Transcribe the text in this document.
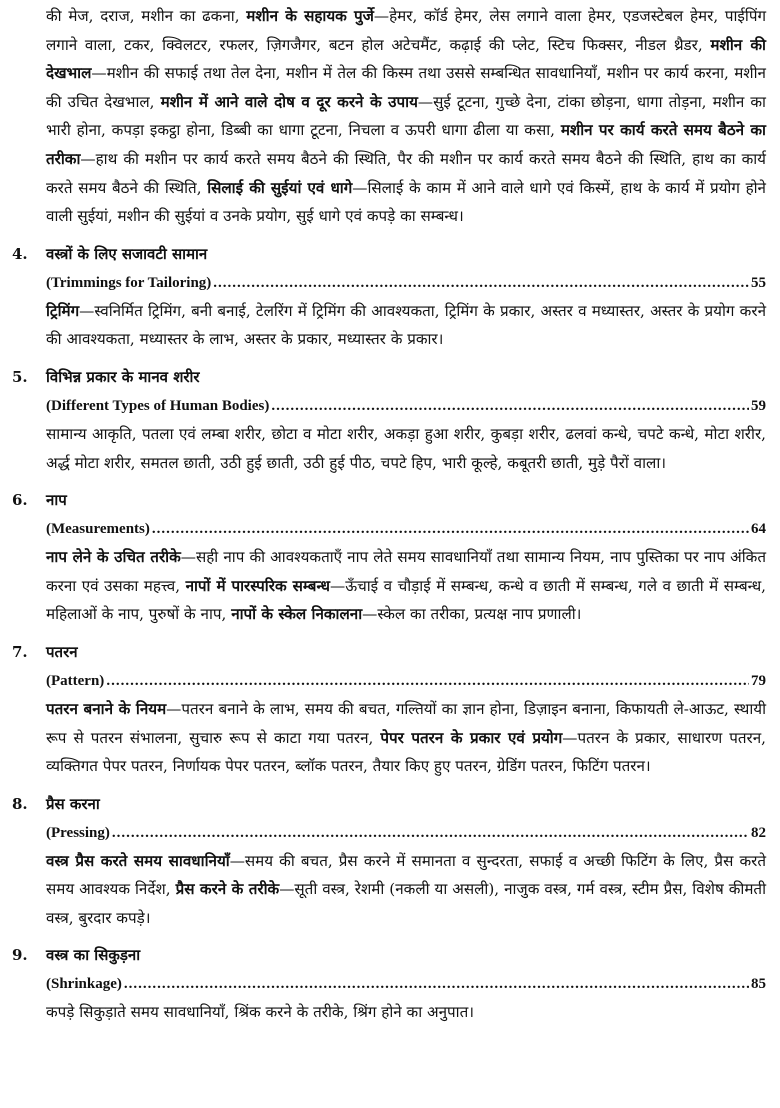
की मेज, दराज, मशीन का ढकना, मशीन के सहायक पुर्जे—हेमर, कॉर्ड हेमर, लेस लगाने वाला हेमर, एडजस्टेबल हेमर, पाईपिंग लगाने वाला, टकर, क्विलटर, रफलर, ज़िगजैगर, बटन होल अटेचमैंट, कढ़ाई की प्लेट, स्टिच फिक्सर, नीडल थ्रैडर, मशीन की देखभाल—मशीन की सफाई तथा तेल देना, मशीन में तेल की किस्म तथा उससे सम्बन्धित सावधानियाँ, मशीन पर कार्य करना, मशीन की उचित देखभाल, मशीन में आने वाले दोष व दूर करने के उपाय—सुई टूटना, गुच्छे देना, टांका छोड़ना, धागा तोड़ना, मशीन का भारी होना, कपड़ा इकट्ठा होना, डिब्बी का धागा टूटना, निचला व ऊपरी धागा ढीला या कसा, मशीन पर कार्य करते समय बैठने का तरीका—हाथ की मशीन पर कार्य करते समय बैठने की स्थिति, पैर की मशीन पर कार्य करते समय बैठने की स्थिति, हाथ का कार्य करते समय बैठने की स्थिति, सिलाई की सुईयां एवं धागे—सिलाई के काम में आने वाले धागे एवं किस्में, हाथ के कार्य में प्रयोग होने वाली सुईयां, मशीन की सुईयां व उनके प्रयोग, सुई धागे एवं कपड़े का सम्बन्ध।

4.	वस्त्रों के लिए सजावटी सामान
(Trimmings for Tailoring) .....	55

ट्रिमिंग—स्वनिर्मित ट्रिमिंग, बनी बनाई, टेलरिंग में ट्रिमिंग की आवश्यकता, ट्रिमिंग के प्रकार, अस्तर व मध्यास्तर, अस्तर के प्रयोग करने की आवश्यकता, मध्यास्तर के लाभ, अस्तर के प्रकार, मध्यास्तर के प्रकार।

5.	विभिन्न प्रकार के मानव शरीर
(Different Types of Human Bodies) .....	59

सामान्य आकृति, पतला एवं लम्बा शरीर, छोटा व मोटा शरीर, अकड़ा हुआ शरीर, कुबड़ा शरीर, ढलवां कन्धे, चपटे कन्धे, मोटा शरीर, अर्द्ध मोटा शरीर, समतल छाती, उठी हुई छाती, उठी हुई पीठ, चपटे हिप, भारी कूल्हे, कबूतरी छाती, मुड़े पैरों वाला।

6.	नाप
(Measurements) .....	64

नाप लेने के उचित तरीके—सही नाप की आवश्यकताएँ नाप लेते समय सावधानियाँ तथा सामान्य नियम, नाप पुस्तिका पर नाप अंकित करना एवं उसका महत्त्व, नापों में पारस्परिक सम्बन्ध—ऊँचाई व चौड़ाई में सम्बन्ध, कन्धे व छाती में सम्बन्ध, गले व छाती में सम्बन्ध, महिलाओं के नाप, पुरुषों के नाप, नापों के स्केल निकालना—स्केल का तरीका, प्रत्यक्ष नाप प्रणाली।

7.	पतरन
(Pattern) .....	79

पतरन बनाने के नियम—पतरन बनाने के लाभ, समय की बचत, गल्तियों का ज्ञान होना, डिज़ाइन बनाना, किफायती ले-आऊट, स्थायी रूप से पतरन संभालना, सुचारु रूप से काटा गया पतरन, पेपर पतरन के प्रकार एवं प्रयोग—पतरन के प्रकार, साधारण पतरन, व्यक्तिगत पेपर पतरन, निर्णायक पेपर पतरन, ब्लॉक पतरन, तैयार किए हुए पतरन, ग्रेडिंग पतरन, फिटिंग पतरन।

8.	प्रैस करना
(Pressing) .....	82

वस्त्र प्रैस करते समय सावधानियाँ—समय की बचत, प्रैस करने में समानता व सुन्दरता, सफाई व अच्छी फिटिंग के लिए, प्रैस करते समय आवश्यक निर्देश, प्रैस करने के तरीके—सूती वस्त्र, रेशमी (नकली या असली), नाजुक वस्त्र, गर्म वस्त्र, स्टीम प्रैस, विशेष कीमती वस्त्र, बुरदार कपड़े।

9.	वस्त्र का सिकुड़ना
(Shrinkage) .....	85

कपड़े सिकुड़ाते समय सावधानियाँ, श्रिंक करने के तरीके, श्रिंग होने का अनुपात।
